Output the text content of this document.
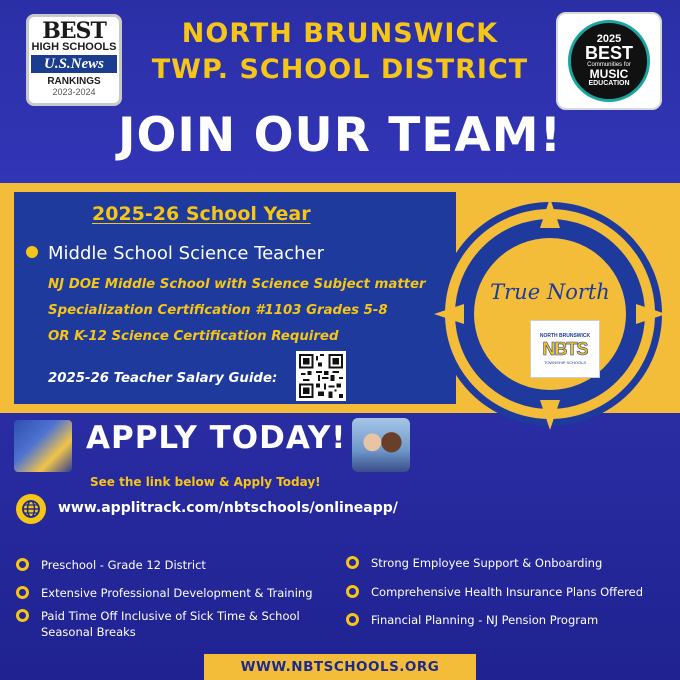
BEST
HIGH SCHOOLS
U.S.News
RANKINGS
2023-2024
2025
BEST
Communities for
MUSIC
EDUCATION
NORTH BRUNSWICK
TWP. SCHOOL DISTRICT
JOIN OUR TEAM!
2025-26 School Year
Middle School Science Teacher
NJ DOE Middle School with Science Subject matter
Specialization Certification #1103 Grades 5-8
OR K-12 Science Certification Required
2025-26 Teacher Salary Guide:
True North
NORTH BRUNSWICK
NBTS
TOWNSHIP SCHOOLS
APPLY TODAY!
See the link below & Apply Today!
www.applitrack.com/nbtschools/onlineapp/
Preschool - Grade 12 District
Extensive Professional Development & Training
Paid Time Off Inclusive of Sick Time & School Seasonal Breaks
Strong Employee Support & Onboarding
Comprehensive Health Insurance Plans Offered
Financial Planning - NJ Pension Program
WWW.NBTSCHOOLS.ORG
